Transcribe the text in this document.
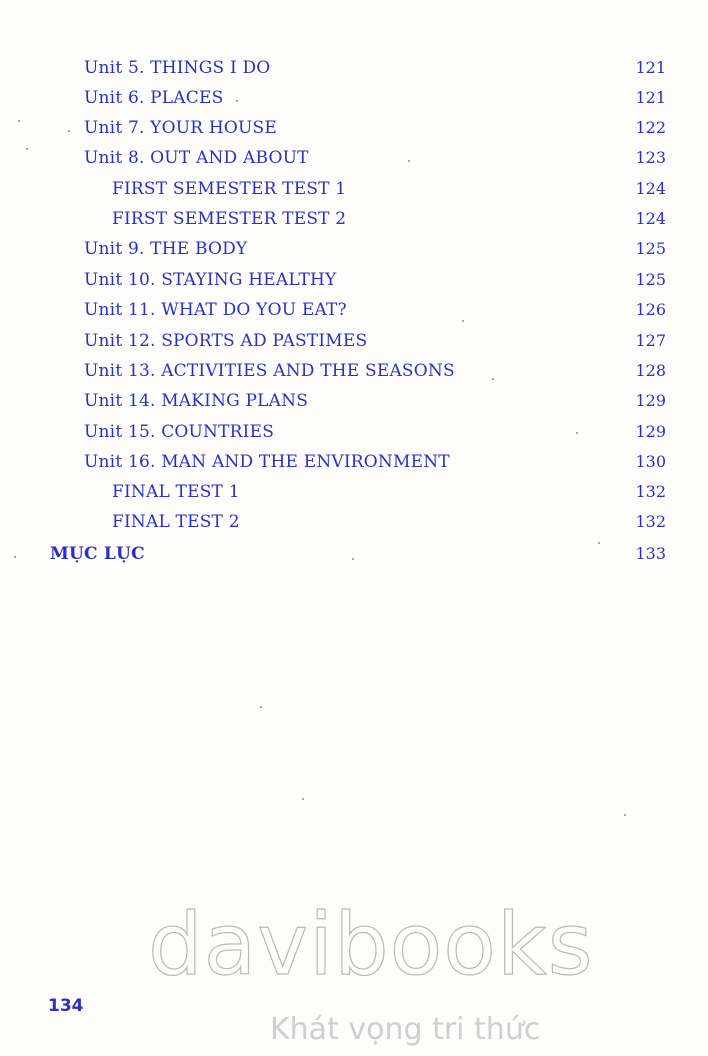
Unit 5. THINGS I DO	121
Unit 6. PLACES	121
Unit 7. YOUR HOUSE	122
Unit 8. OUT AND ABOUT	123
FIRST SEMESTER TEST 1	124
FIRST SEMESTER TEST 2	124
Unit 9. THE BODY	125
Unit 10. STAYING HEALTHY	125
Unit 11. WHAT DO YOU EAT?	126
Unit 12. SPORTS AD PASTIMES	127
Unit 13. ACTIVITIES AND THE SEASONS	128
Unit 14. MAKING PLANS	129
Unit 15. COUNTRIES	129
Unit 16. MAN AND THE ENVIRONMENT	130
FINAL TEST 1	132
FINAL TEST 2	132
MỤC LỤC	133
134
davibooks
Khát vọng tri thức
